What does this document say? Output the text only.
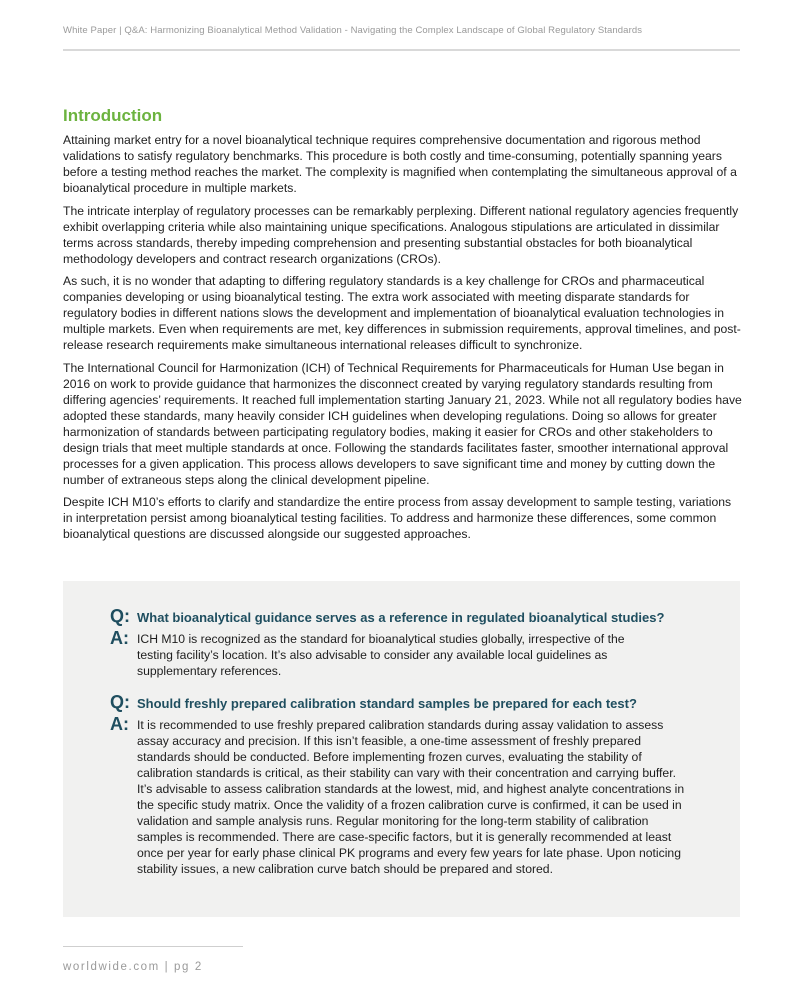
White Paper | Q&A: Harmonizing Bioanalytical Method Validation - Navigating the Complex Landscape of Global Regulatory Standards
Introduction

Attaining market entry for a novel bioanalytical technique requires comprehensive documentation and rigorous method validations to satisfy regulatory benchmarks. This procedure is both costly and time-consuming, potentially spanning years before a testing method reaches the market. The complexity is magnified when contemplating the simultaneous approval of a bioanalytical procedure in multiple markets.

The intricate interplay of regulatory processes can be remarkably perplexing. Different national regulatory agencies frequently exhibit overlapping criteria while also maintaining unique specifications. Analogous stipulations are articulated in dissimilar terms across standards, thereby impeding comprehension and presenting substantial obstacles for both bioanalytical methodology developers and contract research organizations (CROs).

As such, it is no wonder that adapting to differing regulatory standards is a key challenge for CROs and pharmaceutical companies developing or using bioanalytical testing. The extra work associated with meeting disparate standards for regulatory bodies in different nations slows the development and implementation of bioanalytical evaluation technologies in multiple markets. Even when requirements are met, key differences in submission requirements, approval timelines, and post-release research requirements make simultaneous international releases difficult to synchronize.

The International Council for Harmonization (ICH) of Technical Requirements for Pharmaceuticals for Human Use began in 2016 on work to provide guidance that harmonizes the disconnect created by varying regulatory standards resulting from differing agencies’ requirements. It reached full implementation starting January 21, 2023. While not all regulatory bodies have adopted these standards, many heavily consider ICH guidelines when developing regulations. Doing so allows for greater harmonization of standards between participating regulatory bodies, making it easier for CROs and other stakeholders to design trials that meet multiple standards at once. Following the standards facilitates faster, smoother international approval processes for a given application. This process allows developers to save significant time and money by cutting down the number of extraneous steps along the clinical development pipeline.

Despite ICH M10’s efforts to clarify and standardize the entire process from assay development to sample testing, variations in interpretation persist among bioanalytical testing facilities. To address and harmonize these differences, some common bioanalytical questions are discussed alongside our suggested approaches.

Q: What bioanalytical guidance serves as a reference in regulated bioanalytical studies?
A: ICH M10 is recognized as the standard for bioanalytical studies globally, irrespective of the testing facility’s location. It’s also advisable to consider any available local guidelines as supplementary references.
Q: Should freshly prepared calibration standard samples be prepared for each test?
A: It is recommended to use freshly prepared calibration standards during assay validation to assess assay accuracy and precision. If this isn’t feasible, a one-time assessment of freshly prepared standards should be conducted. Before implementing frozen curves, evaluating the stability of calibration standards is critical, as their stability can vary with their concentration and carrying buffer. It’s advisable to assess calibration standards at the lowest, mid, and highest analyte concentrations in the specific study matrix. Once the validity of a frozen calibration curve is confirmed, it can be used in validation and sample analysis runs. Regular monitoring for the long-term stability of calibration samples is recommended. There are case-specific factors, but it is generally recommended at least once per year for early phase clinical PK programs and every few years for late phase. Upon noticing stability issues, a new calibration curve batch should be prepared and stored.
worldwide.com | pg 2
